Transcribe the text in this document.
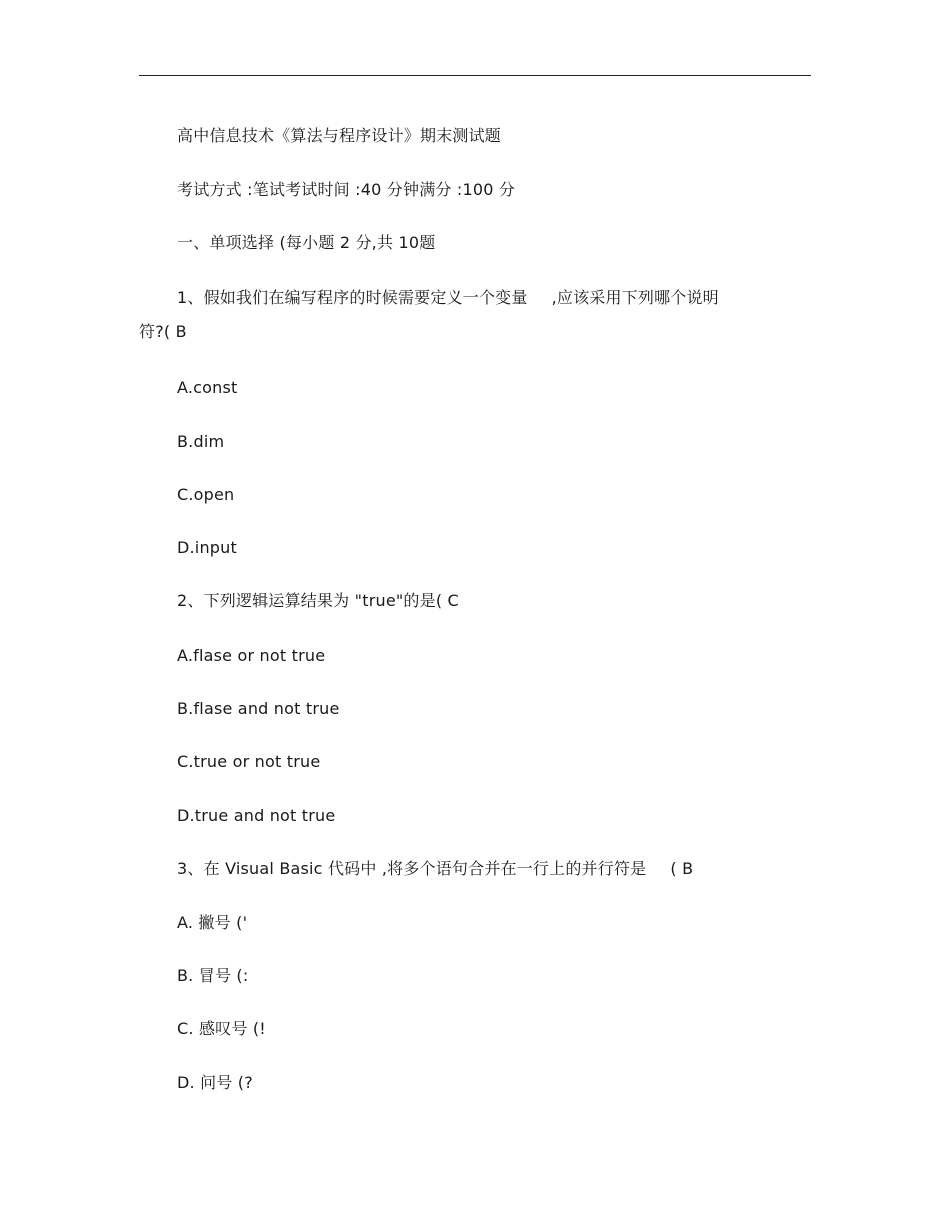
高中信息技术《算法与程序设计》期末测试题
考试方式 :笔试考试时间 :40 分钟满分 :100 分
一、单项选择 (每小题 2 分,共 10题
1、假如我们在编写程序的时候需要定义一个变量 ,应该采用下列哪个说明
符?( B
A.const
B.dim
C.open
D.input
2、下列逻辑运算结果为 "true"的是( C
A.flase or not true
B.flase and not true
C.true or not true
D.true and not true
3、在 Visual Basic 代码中 ,将多个语句合并在一行上的并行符是 ( B
A. 撇号 ('
B. 冒号 (:
C. 感叹号 (!
D. 问号 (?
